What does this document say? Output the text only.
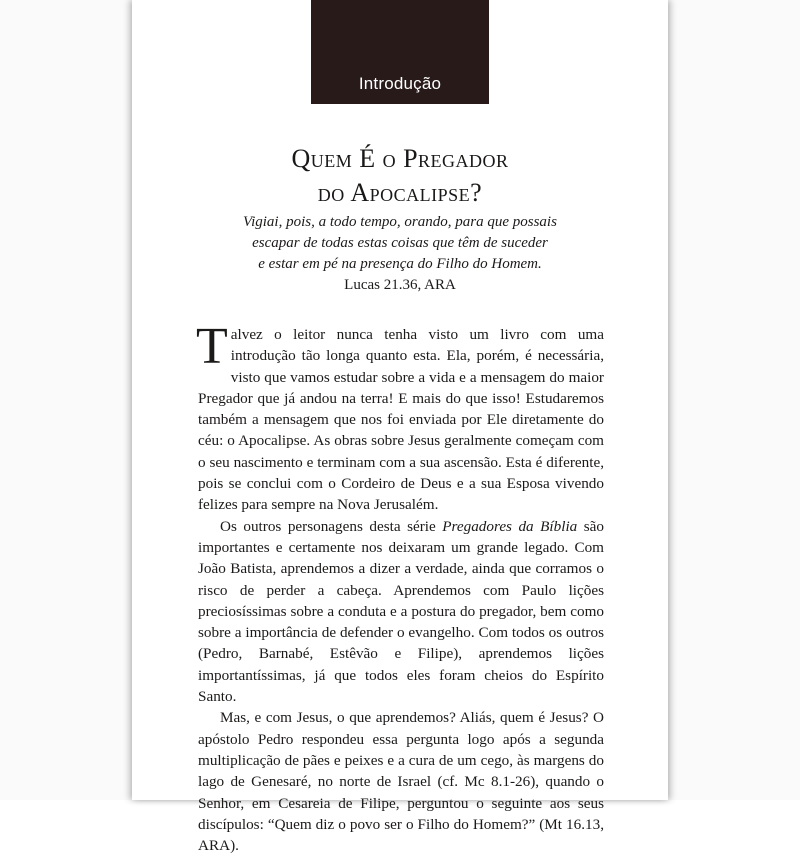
Introdução
Quem É o Pregador
do Apocalipse?
Vigiai, pois, a todo tempo, orando, para que possais
escapar de todas estas coisas que têm de suceder
e estar em pé na presença do Filho do Homem.
Lucas 21.36, ARA

Talvez o leitor nunca tenha visto um livro com uma introdução tão longa quanto esta. Ela, porém, é necessária, visto que vamos estudar sobre a vida e a mensagem do maior Pregador que já andou na terra! E mais do que isso! Estudaremos também a mensagem que nos foi enviada por Ele diretamente do céu: o Apocalipse. As obras sobre Jesus geralmente começam com o seu nascimento e terminam com a sua ascensão. Esta é diferente, pois se conclui com o Cordeiro de Deus e a sua Esposa vivendo felizes para sempre na Nova Jerusalém.

Os outros personagens desta série Pregadores da Bíblia são importantes e certamente nos deixaram um grande legado. Com João Batista, aprendemos a dizer a verdade, ainda que corramos o risco de perder a cabeça. Aprendemos com Paulo lições preciosíssimas sobre a conduta e a postura do pregador, bem como sobre a importância de defender o evangelho. Com todos os outros (Pedro, Barnabé, Estêvão e Filipe), aprendemos lições importantíssimas, já que todos eles foram cheios do Espírito Santo.

Mas, e com Jesus, o que aprendemos? Aliás, quem é Jesus? O apóstolo Pedro respondeu essa pergunta logo após a segunda multiplicação de pães e peixes e a cura de um cego, às margens do lago de Genesaré, no norte de Israel (cf. Mc 8.1-26), quando o Senhor, em Cesareia de Filipe, perguntou o seguinte aos seus discípulos: “Quem diz o povo ser o Filho do Homem?” (Mt 16.13, ARA).
